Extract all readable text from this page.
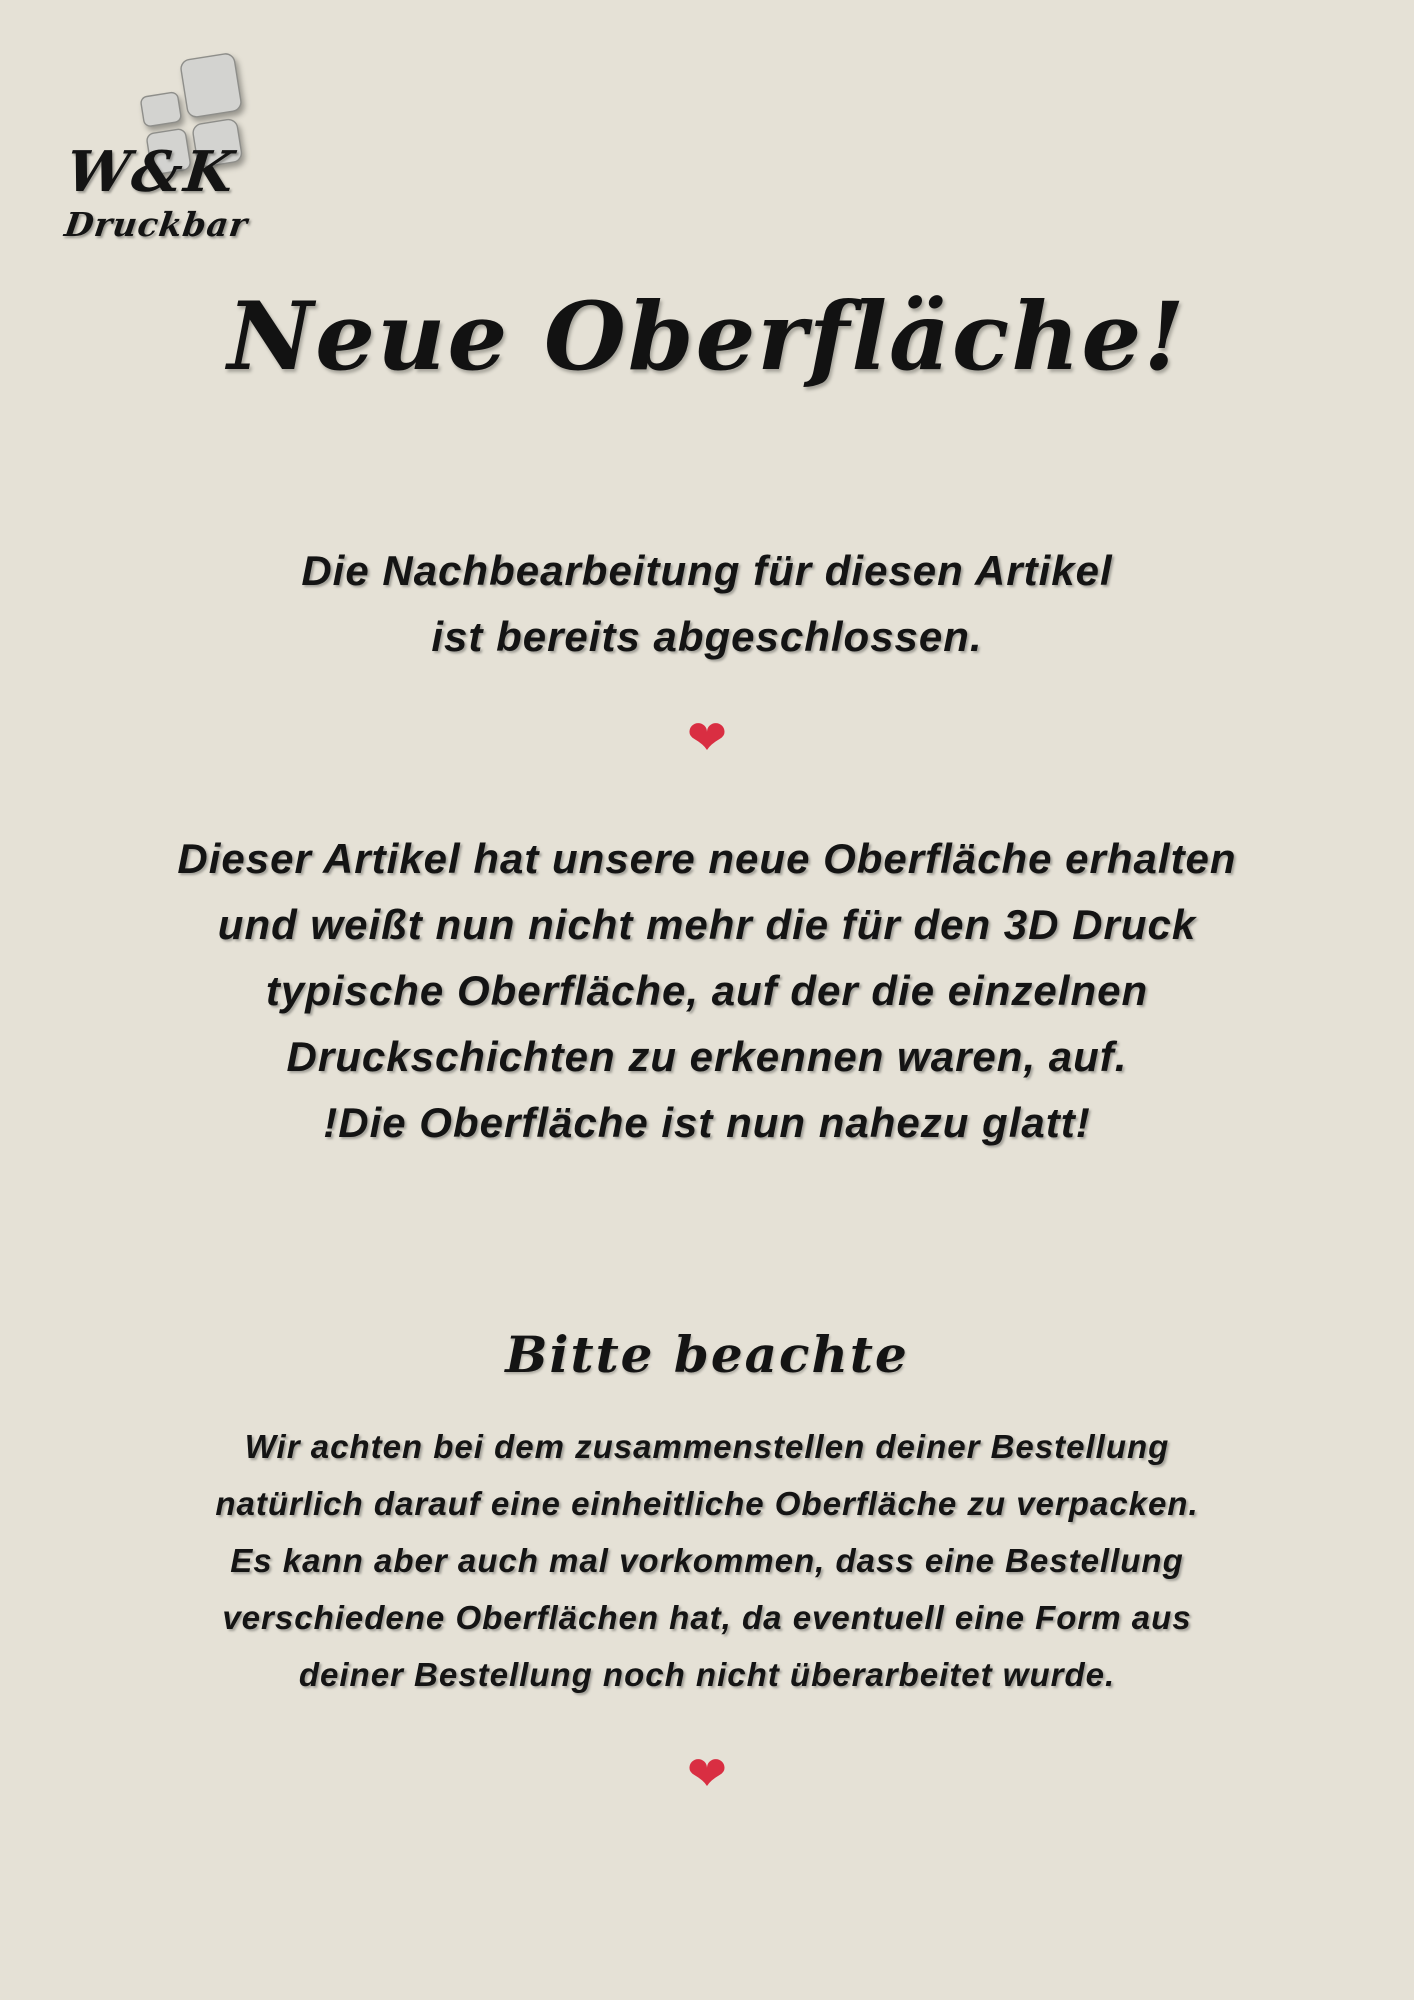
W&K
Druckbar
Neue Oberfläche!
Die Nachbearbeitung für diesen Artikel
ist bereits abgeschlossen.
❤
Dieser Artikel hat unsere neue Oberfläche erhalten
und weißt nun nicht mehr die für den 3D Druck
typische Oberfläche, auf der die einzelnen
Druckschichten zu erkennen waren, auf.
!Die Oberfläche ist nun nahezu glatt!
Bitte beachte
Wir achten bei dem zusammenstellen deiner Bestellung
natürlich darauf eine einheitliche Oberfläche zu verpacken.
Es kann aber auch mal vorkommen, dass eine Bestellung
verschiedene Oberflächen hat, da eventuell eine Form aus
deiner Bestellung noch nicht überarbeitet wurde.
❤
